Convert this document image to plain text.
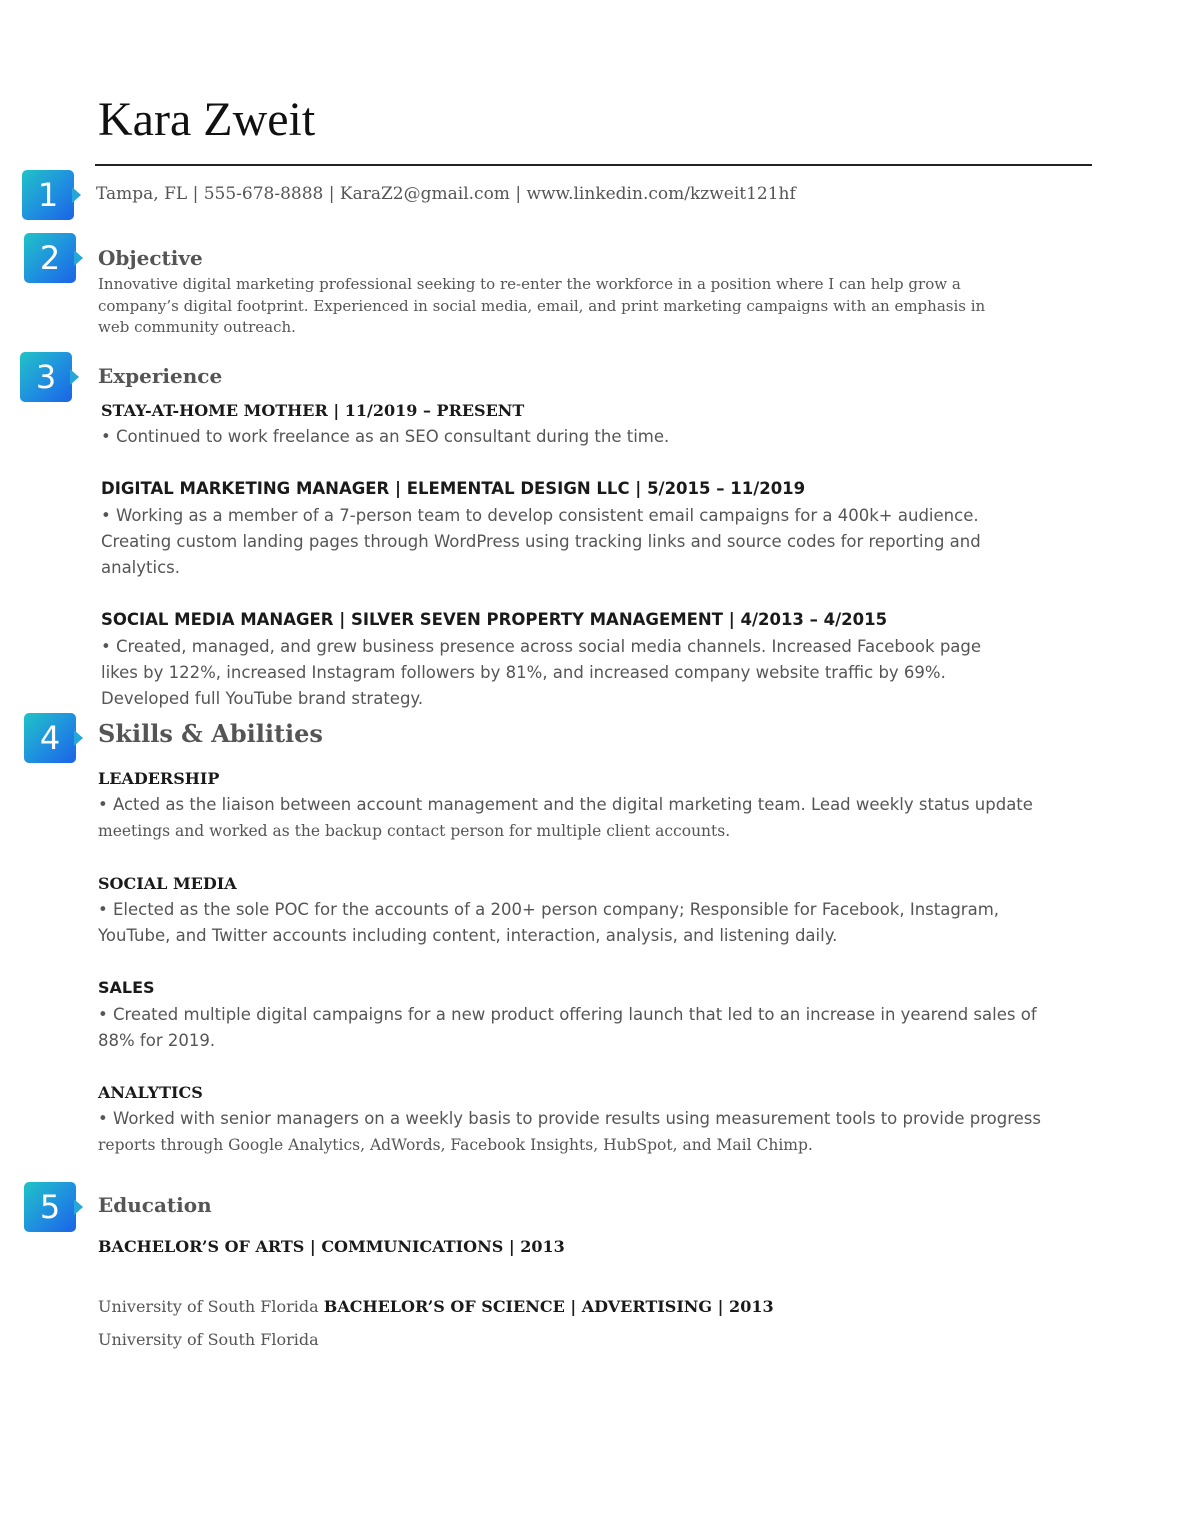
Kara Zweit
1	Tampa, FL | 555-678-8888 | KaraZ2@gmail.com | www.linkedin.com/kzweit121hf
2	Objective
Innovative digital marketing professional seeking to re-enter the workforce in a position where I can help grow a
company’s digital footprint. Experienced in social media, email, and print marketing campaigns with an emphasis in
web community outreach.
3	Experience
STAY-AT-HOME MOTHER | 11/2019 – PRESENT
• Continued to work freelance as an SEO consultant during the time.
DIGITAL MARKETING MANAGER | ELEMENTAL DESIGN LLC | 5/2015 – 11/2019
• Working as a member of a 7-person team to develop consistent email campaigns for a 400k+ audience.
Creating custom landing pages through WordPress using tracking links and source codes for reporting and
analytics.
SOCIAL MEDIA MANAGER | SILVER SEVEN PROPERTY MANAGEMENT | 4/2013 – 4/2015
• Created, managed, and grew business presence across social media channels. Increased Facebook page
likes by 122%, increased Instagram followers by 81%, and increased company website traffic by 69%.
Developed full YouTube brand strategy.
4	Skills & Abilities
LEADERSHIP
• Acted as the liaison between account management and the digital marketing team. Lead weekly status update
meetings and worked as the backup contact person for multiple client accounts.
SOCIAL MEDIA
• Elected as the sole POC for the accounts of a 200+ person company; Responsible for Facebook, Instagram,
YouTube, and Twitter accounts including content, interaction, analysis, and listening daily.
SALES
• Created multiple digital campaigns for a new product offering launch that led to an increase in yearend sales of
88% for 2019.
ANALYTICS
• Worked with senior managers on a weekly basis to provide results using measurement tools to provide progress
reports through Google Analytics, AdWords, Facebook Insights, HubSpot, and Mail Chimp.
5	Education
BACHELOR’S OF ARTS | COMMUNICATIONS | 2013
University of South Florida BACHELOR’S OF SCIENCE | ADVERTISING | 2013
University of South Florida
